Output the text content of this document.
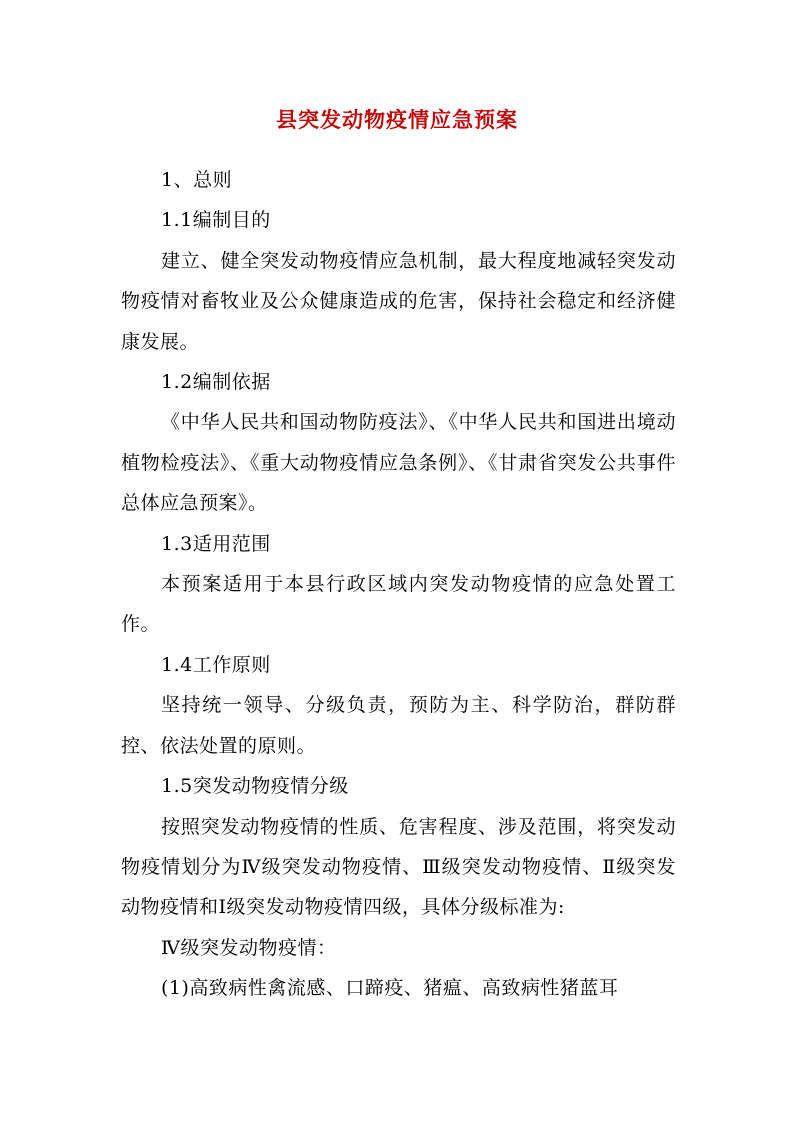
县突发动物疫情应急预案

1、总则

1.1编制目的

建立、健全突发动物疫情应急机制，最大程度地减轻突发动物疫情对畜牧业及公众健康造成的危害，保持社会稳定和经济健康发展。

1.2编制依据

《中华人民共和国动物防疫法》、《中华人民共和国进出境动植物检疫法》、《重大动物疫情应急条例》、《甘肃省突发公共事件总体应急预案》。

1.3适用范围

本预案适用于本县行政区域内突发动物疫情的应急处置工作。

1.4工作原则

坚持统一领导、分级负责，预防为主、科学防治，群防群控、依法处置的原则。

1.5突发动物疫情分级

按照突发动物疫情的性质、危害程度、涉及范围，将突发动物疫情划分为Ⅳ级突发动物疫情、Ⅲ级突发动物疫情、Ⅱ级突发动物疫情和Ⅰ级突发动物疫情四级，具体分级标准为:

Ⅳ级突发动物疫情：

(1)高致病性禽流感、口蹄疫、猪瘟、高致病性猪蓝耳
